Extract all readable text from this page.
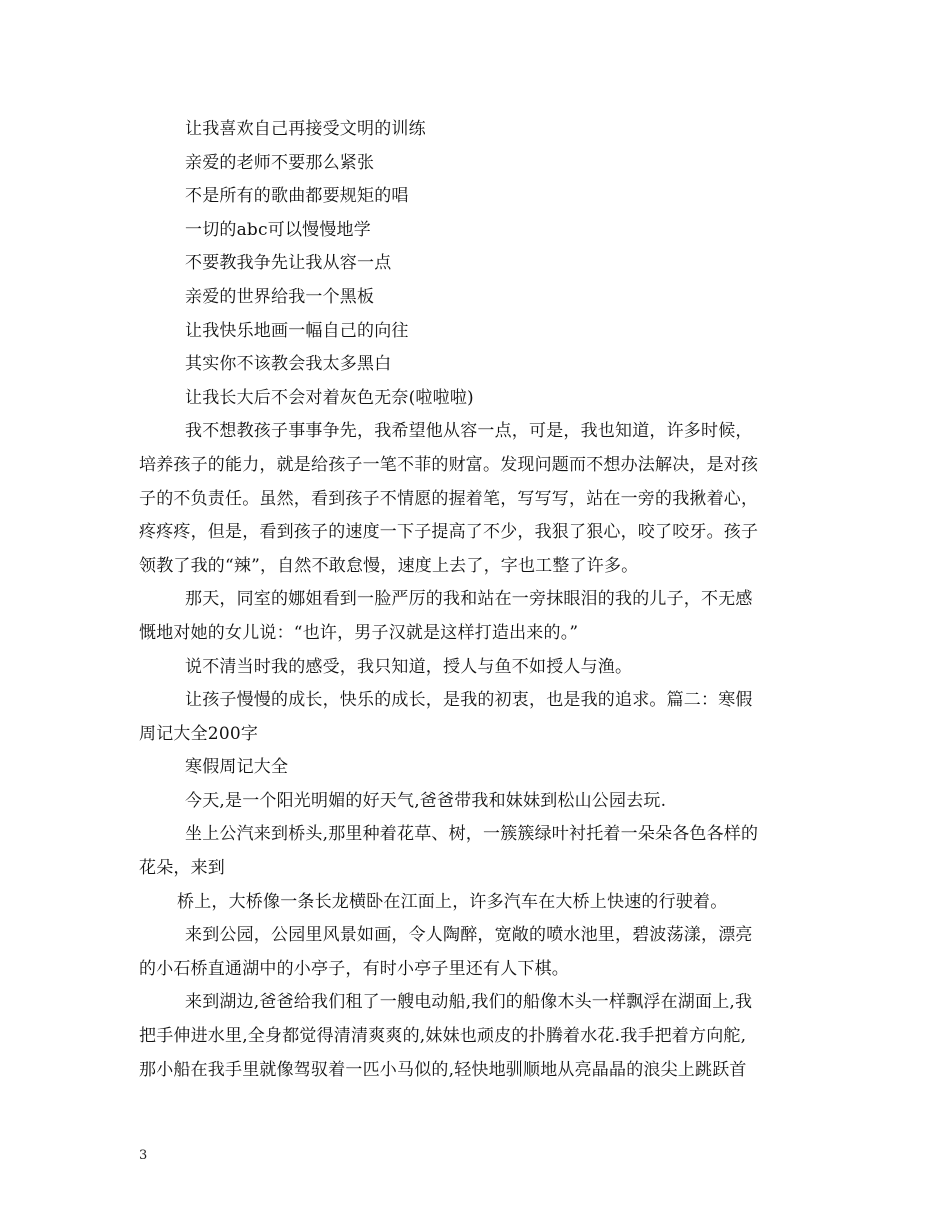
让我喜欢自己再接受文明的训练
亲爱的老师不要那么紧张
不是所有的歌曲都要规矩的唱
一切的abc可以慢慢地学
不要教我争先让我从容一点
亲爱的世界给我一个黑板
让我快乐地画一幅自己的向往
其实你不该教会我太多黑白
让我长大后不会对着灰色无奈(啦啦啦)
我不想教孩子事事争先，我希望他从容一点，可是，我也知道，许多时候，
培养孩子的能力，就是给孩子一笔不菲的财富。发现问题而不想办法解决，是对孩
子的不负责任。虽然，看到孩子不情愿的握着笔，写写写，站在一旁的我揪着心，
疼疼疼，但是，看到孩子的速度一下子提高了不少，我狠了狠心，咬了咬牙。孩子
领教了我的“辣”，自然不敢怠慢，速度上去了，字也工整了许多。
那天，同室的娜姐看到一脸严厉的我和站在一旁抹眼泪的我的儿子，不无感
慨地对她的女儿说：“也许，男子汉就是这样打造出来的。”
说不清当时我的感受，我只知道，授人与鱼不如授人与渔。
让孩子慢慢的成长，快乐的成长，是我的初衷，也是我的追求。篇二：寒假
周记大全200字
寒假周记大全
今天,是一个阳光明媚的好天气,爸爸带我和妹妹到松山公园去玩.
坐上公汽来到桥头,那里种着花草、树，一簇簇绿叶衬托着一朵朵各色各样的
花朵，来到
桥上，大桥像一条长龙横卧在江面上，许多汽车在大桥上快速的行驶着。
来到公园，公园里风景如画，令人陶醉，宽敞的喷水池里，碧波荡漾，漂亮
的小石桥直通湖中的小亭子，有时小亭子里还有人下棋。
来到湖边,爸爸给我们租了一艘电动船,我们的船像木头一样飘浮在湖面上,我
把手伸进水里,全身都觉得清清爽爽的,妹妹也顽皮的扑腾着水花.我手把着方向舵,
那小船在我手里就像驾驭着一匹小马似的,轻快地驯顺地从亮晶晶的浪尖上跳跃首
3
